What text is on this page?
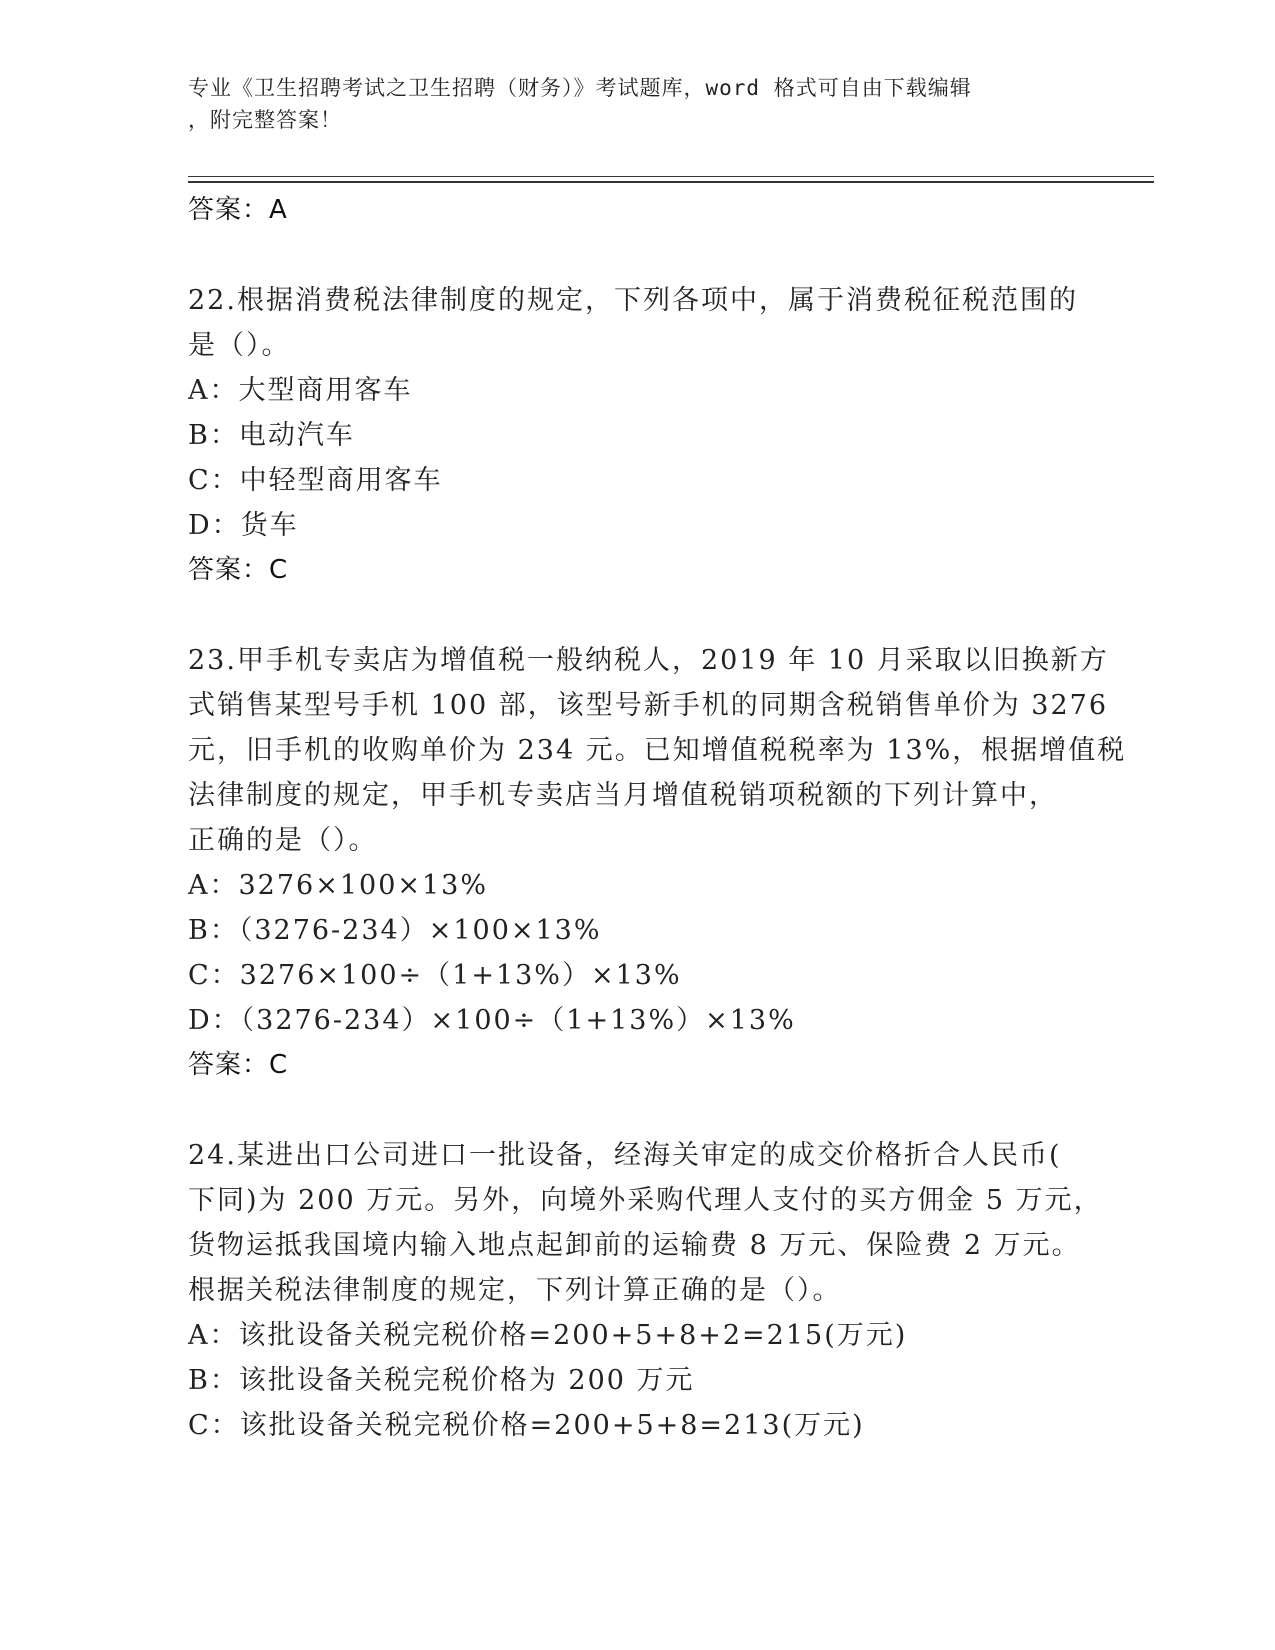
专业《卫生招聘考试之卫生招聘（财务）》考试题库，word 格式可自由下载编辑
，附完整答案！
答案：A
22.根据消费税法律制度的规定，下列各项中，属于消费税征税范围的
是（）。
A：大型商用客车
B：电动汽车
C：中轻型商用客车
D：货车
答案：C
23.甲手机专卖店为增值税一般纳税人，2019 年 10 月采取以旧换新方
式销售某型号手机 100 部，该型号新手机的同期含税销售单价为 3276
元，旧手机的收购单价为 234 元。已知增值税税率为 13%，根据增值税
法律制度的规定，甲手机专卖店当月增值税销项税额的下列计算中，
正确的是（）。
A：3276×100×13%
B：（3276-234）×100×13%
C：3276×100÷（1+13%）×13%
D：（3276-234）×100÷（1+13%）×13%
答案：C
24.某进出口公司进口一批设备，经海关审定的成交价格折合人民币(
下同)为 200 万元。另外，向境外采购代理人支付的买方佣金 5 万元，
货物运抵我国境内输入地点起卸前的运输费 8 万元、保险费 2 万元。
根据关税法律制度的规定，下列计算正确的是（）。
A：该批设备关税完税价格=200+5+8+2=215(万元)
B：该批设备关税完税价格为 200 万元
C：该批设备关税完税价格=200+5+8=213(万元)
